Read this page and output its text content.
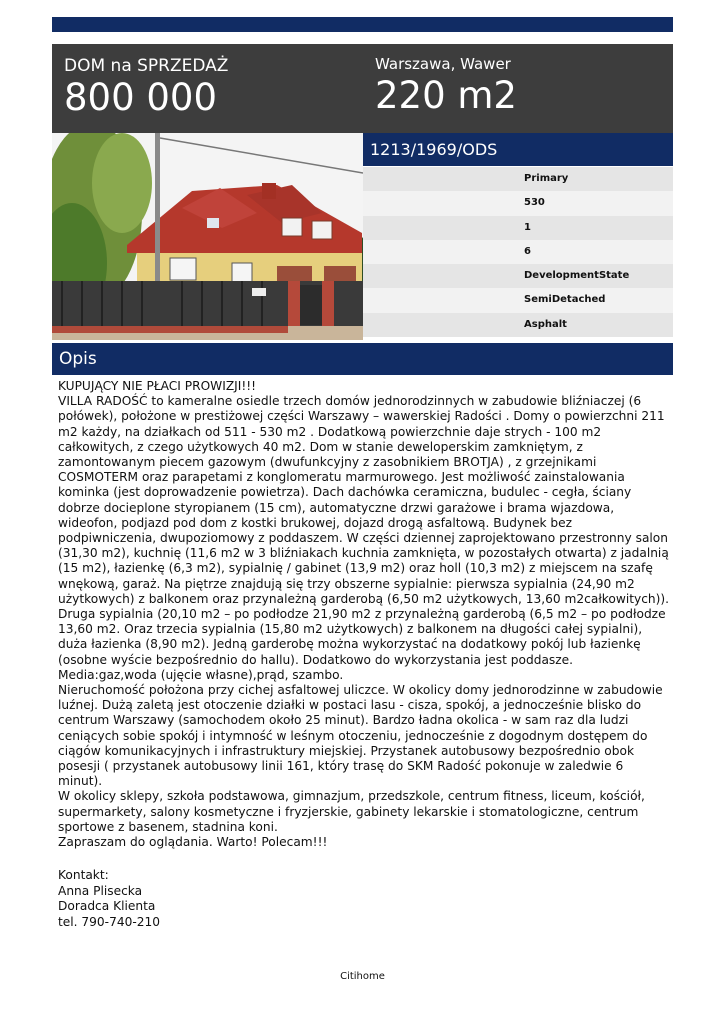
DOM na SPRZEDAŻ
800 000
Warszawa, Wawer
220 m2
1213/1969/ODS
Primary
530
1
6
DevelopmentState
SemiDetached
Asphalt
Opis

KUPUJĄCY NIE PŁACI PROWIZJI!!!

VILLA RADOŚĆ to kameralne osiedle trzech domów jednorodzinnych w zabudowie bliźniaczej (6 połówek), położone w prestiżowej części Warszawy – wawerskiej Radości . Domy o powierzchni 211 m2 każdy, na działkach od 511 - 530 m2 . Dodatkową powierzchnie daje strych - 100 m2 całkowitych, z czego użytkowych 40 m2. Dom w stanie deweloperskim zamkniętym, z zamontowanym piecem gazowym (dwufunkcyjny z zasobnikiem BROTJA) , z grzejnikami COSMOTERM oraz parapetami z konglomeratu marmurowego. Jest możliwość zainstalowania kominka (jest doprowadzenie powietrza). Dach dachówka ceramiczna, budulec - cegła, ściany dobrze docieplone styropianem (15 cm), automatyczne drzwi garażowe i brama wjazdowa, wideofon, podjazd pod dom z kostki brukowej, dojazd drogą asfaltową. Budynek bez podpiwniczenia, dwupoziomowy z poddaszem. W części dziennej zaprojektowano przestronny salon (31,30 m2), kuchnię (11,6 m2 w 3 bliźniakach kuchnia zamknięta, w pozostałych otwarta) z jadalnią (15 m2), łazienkę (6,3 m2), sypialnię / gabinet (13,9 m2) oraz holl (10,3 m2) z miejscem na szafę wnękową, garaż. Na piętrze znajdują się trzy obszerne sypialnie: pierwsza sypialnia (24,90 m2 użytkowych) z balkonem oraz przynależną garderobą (6,50 m2 użytkowych, 13,60 m2całkowitych)). Druga sypialnia (20,10 m2 – po podłodze 21,90 m2 z przynależną garderobą (6,5 m2 – po podłodze 13,60 m2. Oraz trzecia sypialnia (15,80 m2 użytkowych) z balkonem na długości całej sypialni), duża łazienka (8,90 m2). Jedną garderobę można wykorzystać na dodatkowy pokój lub łazienkę (osobne wyście bezpośrednio do hallu). Dodatkowo do wykorzystania jest poddasze.

Media:gaz,woda (ujęcie własne),prąd, szambo.

Nieruchomość położona przy cichej asfaltowej uliczce. W okolicy domy jednorodzinne w zabudowie luźnej. Dużą zaletą jest otoczenie działki w postaci lasu - cisza, spokój, a jednocześnie blisko do centrum Warszawy (samochodem około 25 minut). Bardzo ładna okolica - w sam raz dla ludzi ceniących sobie spokój i intymność w leśnym otoczeniu, jednocześnie z dogodnym dostępem do ciągów komunikacyjnych i infrastruktury miejskiej. Przystanek autobusowy bezpośrednio obok posesji ( przystanek autobusowy linii 161, który trasę do SKM Radość pokonuje w zaledwie 6 minut).

W okolicy sklepy, szkoła podstawowa, gimnazjum, przedszkole, centrum fitness, liceum, kościół, supermarkety, salony kosmetyczne i fryzjerskie, gabinety lekarskie i stomatologiczne, centrum sportowe z basenem, stadnina koni.

Zapraszam do oglądania. Warto! Polecam!!!

Kontakt:

Anna Plisecka

Doradca Klienta

tel. 790-740-210

Citihome
